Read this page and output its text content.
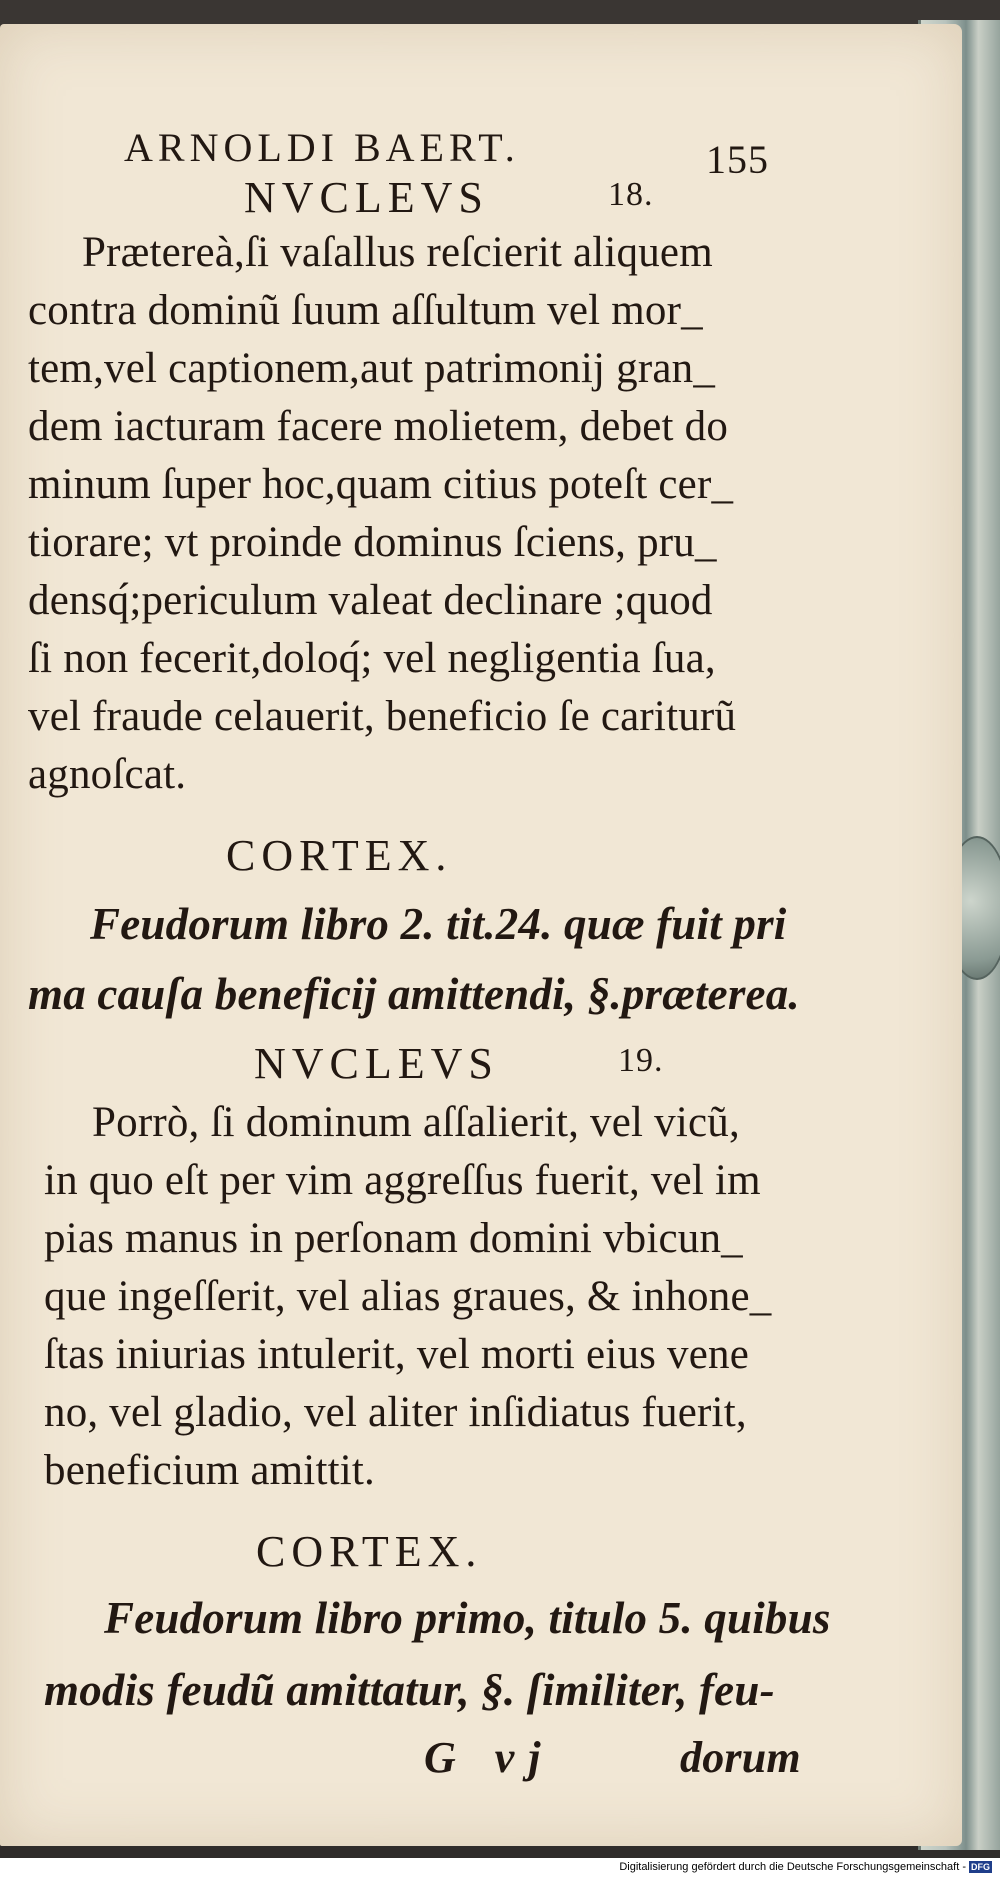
ARNOLDI BAERT.	155
NVCLEVS	18.
Prætereà,ſi vaſallus reſcierit aliquem
contra dominũ ſuum aſſultum vel mor_
tem,vel captionem,aut patrimonij gran_
dem iacturam facere molietem, debet do
minum ſuper hoc,quam citius poteſt cer_
tiorare; vt proinde dominus ſciens, pru_
densq́;periculum valeat declinare ;quod
ſi non fecerit,doloq́; vel negligentia ſua,
vel fraude celauerit, beneficio ſe cariturũ
agnoſcat.
CORTEX.
Feudorum libro 2. tit.24. quæ fuit pri
ma cauſa beneficij amittendi, §.prӕterea.
NVCLEVS	19.
Porrò, ſi dominum aſſalierit, vel vicũ,
in quo eſt per vim aggreſſus fuerit, vel im
pias manus in perſonam domini vbicun_
que ingeſſerit, vel alias graues, & inhone_
ſtas iniurias intulerit, vel morti eius vene
no, vel gladio, vel aliter inſidiatus fuerit,
beneficium amittit.
CORTEX.
Feudorum libro primo, titulo 5. quibus
modis feudũ amittatur, §. ſimiliter, feu-
G vj	dorum
Digitalisierung gefördert durch die Deutsche Forschungsgemeinschaft - DFG
